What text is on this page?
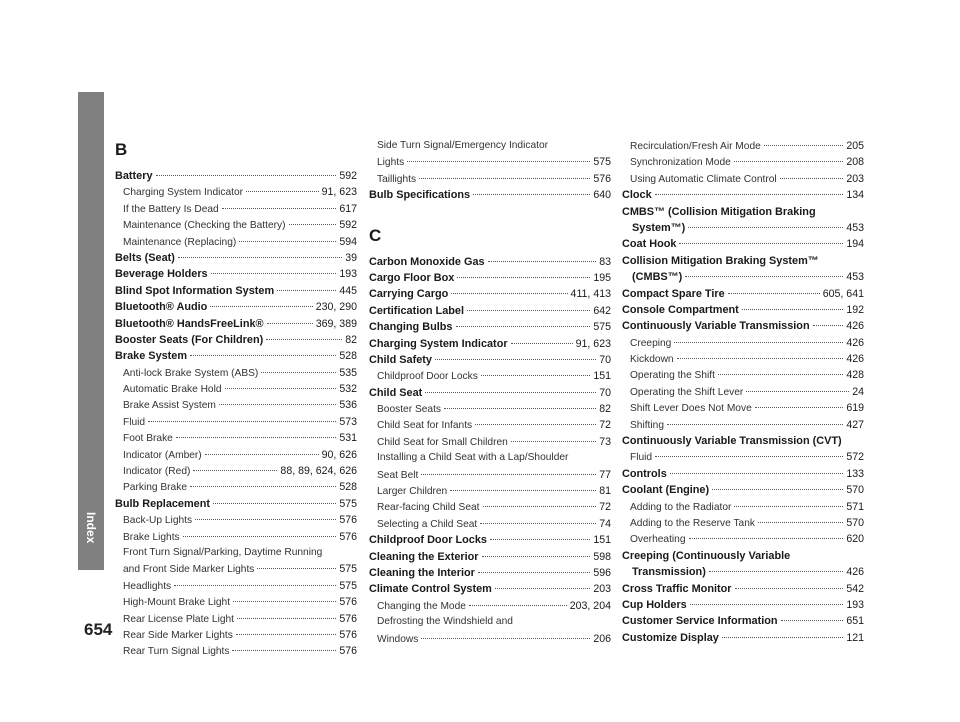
Index
654
B
Battery	592
Charging System Indicator	91, 623
If the Battery Is Dead	617
Maintenance (Checking the Battery)	592
Maintenance (Replacing)	594
Belts (Seat)	39
Beverage Holders	193
Blind Spot Information System	445
Bluetooth® Audio	230, 290
Bluetooth® HandsFreeLink®	369, 389
Booster Seats (For Children)	82
Brake System	528
Anti-lock Brake System (ABS)	535
Automatic Brake Hold	532
Brake Assist System	536
Fluid	573
Foot Brake	531
Indicator (Amber)	90, 626
Indicator (Red)	88, 89, 624, 626
Parking Brake	528
Bulb Replacement	575
Back-Up Lights	576
Brake Lights	576
Front Turn Signal/Parking, Daytime Running
and Front Side Marker Lights	575
Headlights	575
High-Mount Brake Light	576
Rear License Plate Light	576
Rear Side Marker Lights	576
Rear Turn Signal Lights	576
Side Turn Signal/Emergency Indicator
Lights	575
Taillights	576
Bulb Specifications	640
C
Carbon Monoxide Gas	83
Cargo Floor Box	195
Carrying Cargo	411, 413
Certification Label	642
Changing Bulbs	575
Charging System Indicator	91, 623
Child Safety	70
Childproof Door Locks	151
Child Seat	70
Booster Seats	82
Child Seat for Infants	72
Child Seat for Small Children	73
Installing a Child Seat with a Lap/Shoulder
Seat Belt	77
Larger Children	81
Rear-facing Child Seat	72
Selecting a Child Seat	74
Childproof Door Locks	151
Cleaning the Exterior	598
Cleaning the Interior	596
Climate Control System	203
Changing the Mode	203, 204
Defrosting the Windshield and
Windows	206
Recirculation/Fresh Air Mode	205
Synchronization Mode	208
Using Automatic Climate Control	203
Clock	134
CMBS™ (Collision Mitigation Braking
System™)	453
Coat Hook	194
Collision Mitigation Braking System™
(CMBS™)	453
Compact Spare Tire	605, 641
Console Compartment	192
Continuously Variable Transmission	426
Creeping	426
Kickdown	426
Operating the Shift	428
Operating the Shift Lever	24
Shift Lever Does Not Move	619
Shifting	427
Continuously Variable Transmission (CVT)
Fluid	572
Controls	133
Coolant (Engine)	570
Adding to the Radiator	571
Adding to the Reserve Tank	570
Overheating	620
Creeping (Continuously Variable
Transmission)	426
Cross Traffic Monitor	542
Cup Holders	193
Customer Service Information	651
Customize Display	121
